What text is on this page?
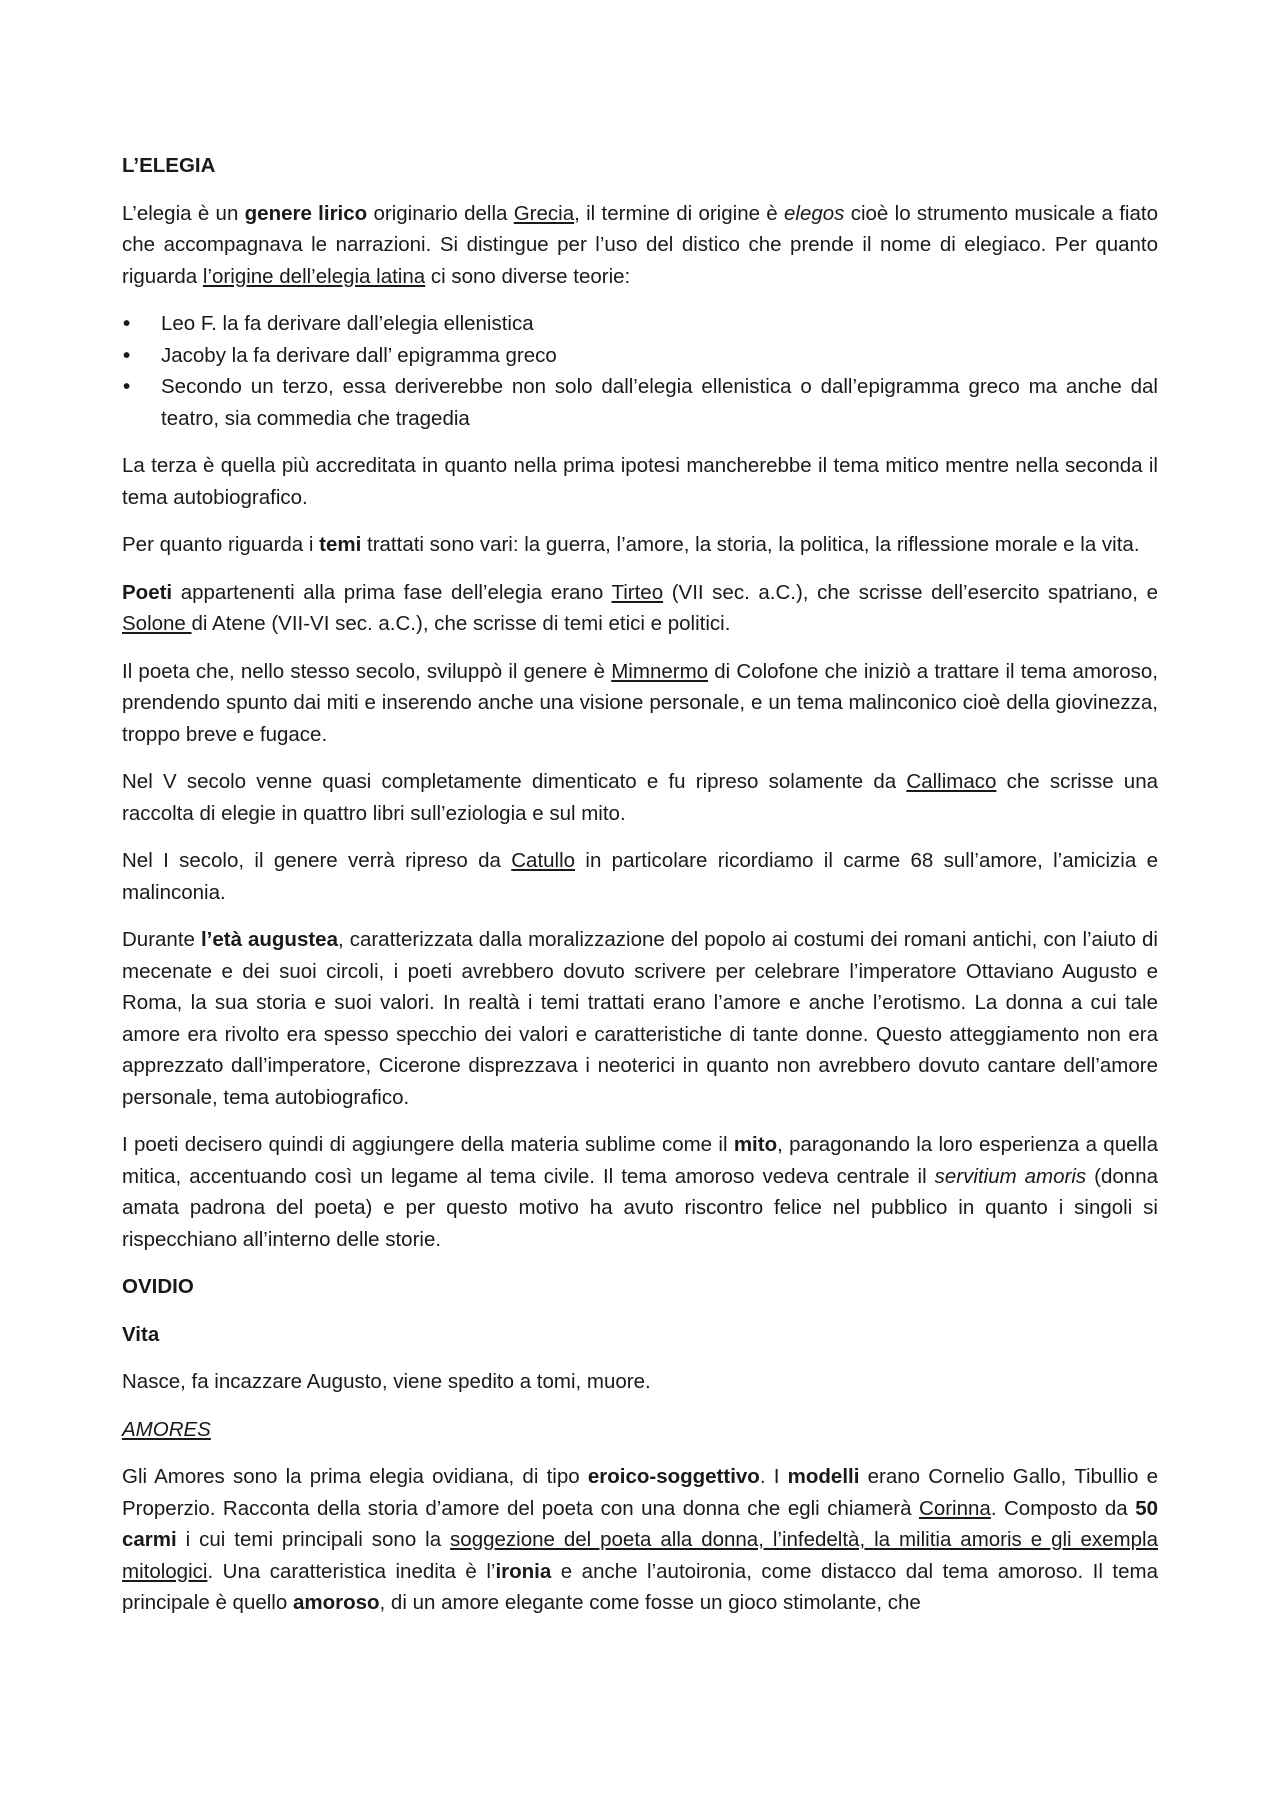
L’ELEGIA

L’elegia è un genere lirico originario della Grecia, il termine di origine è elegos cioè lo strumento musicale a fiato che accompagnava le narrazioni. Si distingue per l’uso del distico che prende il nome di elegiaco. Per quanto riguarda l’origine dell’elegia latina ci sono diverse teorie:

• Leo F. la fa derivare dall’elegia ellenistica
• Jacoby la fa derivare dall’ epigramma greco
• Secondo un terzo, essa deriverebbe non solo dall’elegia ellenistica o dall’epigramma greco ma anche dal teatro, sia commedia che tragedia

La terza è quella più accreditata in quanto nella prima ipotesi mancherebbe il tema mitico mentre nella seconda il tema autobiografico.

Per quanto riguarda i temi trattati sono vari: la guerra, l’amore, la storia, la politica, la riflessione morale e la vita.

Poeti appartenenti alla prima fase dell’elegia erano Tirteo (VII sec. a.C.), che scrisse dell’esercito spatriano, e Solone di Atene (VII-VI sec. a.C.), che scrisse di temi etici e politici.

Il poeta che, nello stesso secolo, sviluppò il genere è Mimnermo di Colofone che iniziò a trattare il tema amoroso, prendendo spunto dai miti e inserendo anche una visione personale, e un tema malinconico cioè della giovinezza, troppo breve e fugace.

Nel V secolo venne quasi completamente dimenticato e fu ripreso solamente da Callimaco che scrisse una raccolta di elegie in quattro libri sull’eziologia e sul mito.

Nel I secolo, il genere verrà ripreso da Catullo in particolare ricordiamo il carme 68 sull’amore, l’amicizia e malinconia.

Durante l’età augustea, caratterizzata dalla moralizzazione del popolo ai costumi dei romani antichi, con l’aiuto di mecenate e dei suoi circoli, i poeti avrebbero dovuto scrivere per celebrare l’imperatore Ottaviano Augusto e Roma, la sua storia e suoi valori. In realtà i temi trattati erano l’amore e anche l’erotismo. La donna a cui tale amore era rivolto era spesso specchio dei valori e caratteristiche di tante donne. Questo atteggiamento non era apprezzato dall’imperatore, Cicerone disprezzava i neoterici in quanto non avrebbero dovuto cantare dell’amore personale, tema autobiografico.

I poeti decisero quindi di aggiungere della materia sublime come il mito, paragonando la loro esperienza a quella mitica, accentuando così un legame al tema civile. Il tema amoroso vedeva centrale il servitium amoris (donna amata padrona del poeta) e per questo motivo ha avuto riscontro felice nel pubblico in quanto i singoli si rispecchiano all’interno delle storie.

OVIDIO
Vita

Nasce, fa incazzare Augusto, viene spedito a tomi, muore.

AMORES

Gli Amores sono la prima elegia ovidiana, di tipo eroico-soggettivo. I modelli erano Cornelio Gallo, Tibullio e Properzio. Racconta della storia d’amore del poeta con una donna che egli chiamerà Corinna. Composto da 50 carmi i cui temi principali sono la soggezione del poeta alla donna, l’infedeltà, la militia amoris e gli exempla mitologici. Una caratteristica inedita è l’ironia e anche l’autoironia, come distacco dal tema amoroso. Il tema principale è quello amoroso, di un amore elegante come fosse un gioco stimolante, che
